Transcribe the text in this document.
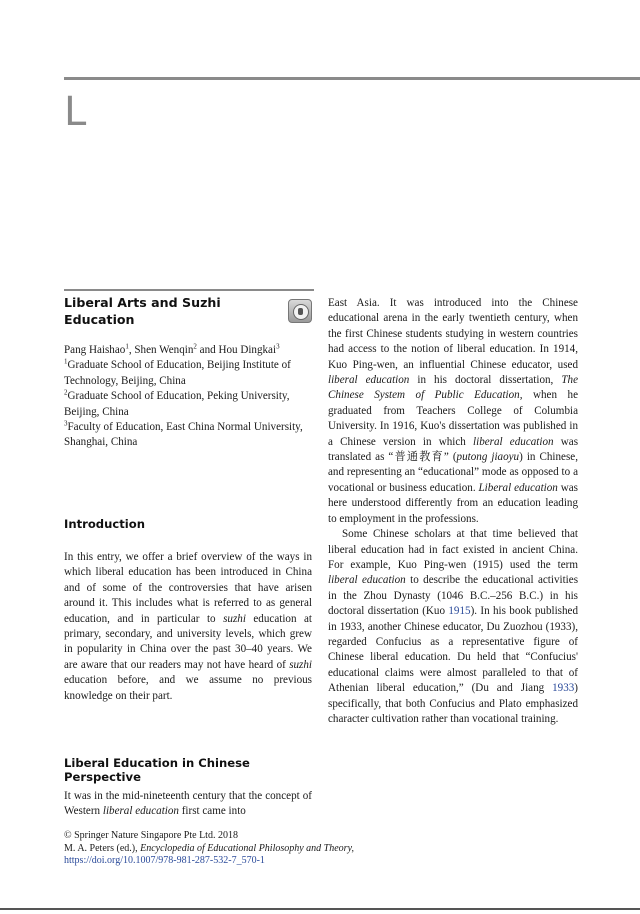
L
Liberal Arts and Suzhi Education

Pang Haishao$^1$, Shen Wenqin$^2$ and Hou Dingkai$^3$

$^1$Graduate School of Education, Beijing Institute of Technology, Beijing, China

$^2$Graduate School of Education, Peking University, Beijing, China

$^3$Faculty of Education, East China Normal University, Shanghai, China

Introduction

In this entry, we offer a brief overview of the ways in which liberal education has been introduced in China and of some of the controversies that have arisen around it. This includes what is referred to as general education, and in particular to suzhi education at primary, secondary, and university levels, which grew in popularity in China over the past 30–40 years. We are aware that our readers may not have heard of suzhi education before, and we assume no previous knowledge on their part.

Liberal Education in Chinese Perspective

It was in the mid-nineteenth century that the concept of Western liberal education first came into

East Asia. It was introduced into the Chinese educational arena in the early twentieth century, when the first Chinese students studying in western countries had access to the notion of liberal education. In 1914, Kuo Ping-wen, an influential Chinese educator, used liberal education in his doctoral dissertation, The Chinese System of Public Education, when he graduated from Teachers College of Columbia University. In 1916, Kuo's dissertation was published in a Chinese version in which liberal education was translated as “普通教育” (putong jiaoyu) in Chinese, and representing an “educational” mode as opposed to a vocational or business education. Liberal education was here understood differently from an education leading to employment in the professions.

Some Chinese scholars at that time believed that liberal education had in fact existed in ancient China. For example, Kuo Ping-wen (1915) used the term liberal education to describe the educational activities in the Zhou Dynasty (1046 B.C.–256 B.C.) in his doctoral dissertation (Kuo 1915). In his book published in 1933, another Chinese educator, Du Zuozhou (1933), regarded Confucius as a representative figure of Chinese liberal education. Du held that “Confucius' educational claims were almost paralleled to that of Athenian liberal education,” (Du and Jiang 1933) specifically, that both Confucius and Plato emphasized character cultivation rather than vocational training.

© Springer Nature Singapore Pte Ltd. 2018

M. A. Peters (ed.), Encyclopedia of Educational Philosophy and Theory,

https://doi.org/10.1007/978-981-287-532-7_570-1
